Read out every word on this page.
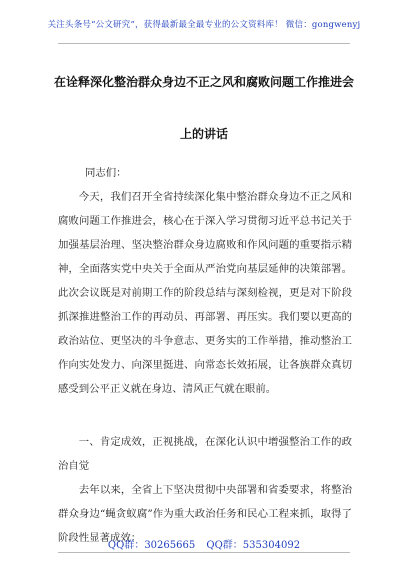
关注头条号“公文研究”，获得最新最全最专业的公文资料库！ 微信：gongwenyj
在诠释深化整治群众身边不正之风和腐败问题工作推进会
上的讲话
同志们：
今天，我们召开全省持续深化集中整治群众身边不正之风和腐败问题工作推进会，核心在于深入学习贯彻习近平总书记关于加强基层治理、坚决整治群众身边腐败和作风问题的重要指示精神，全面落实党中央关于全面从严治党向基层延伸的决策部署。此次会议既是对前期工作的阶段总结与深刻检视，更是对下阶段抓深推进整治工作的再动员、再部署、再压实。我们要以更高的政治站位、更坚决的斗争意志、更务实的工作举措，推动整治工作向实处发力、向深里挺进、向常态长效拓展，让各族群众真切感受到公平正义就在身边、清风正气就在眼前。
一、肯定成效，正视挑战，在深化认识中增强整治工作的政治自觉
去年以来，全省上下坚决贯彻中央部署和省委要求，将整治群众身边“蝇贪蚁腐”作为重大政治任务和民心工程来抓，取得了阶段性显著成效：
QQ群：30265665 QQ群：535304092
